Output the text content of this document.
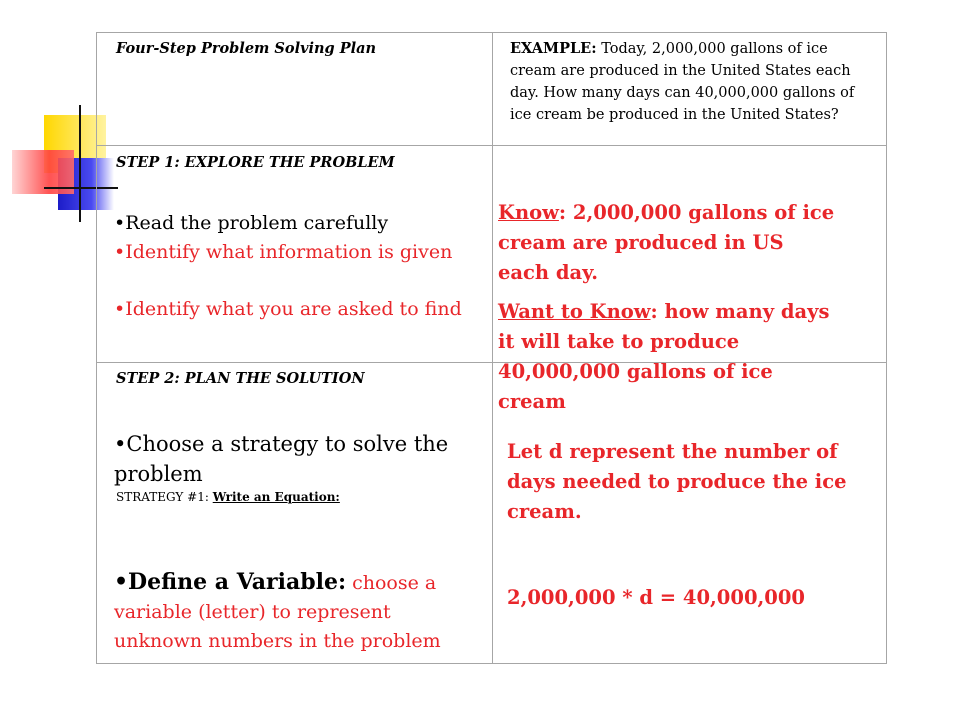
Four-Step Problem Solving Plan	EXAMPLE: Today, 2,000,000 gallons of ice cream are produced in the United States each day. How many days can 40,000,000 gallons of ice cream be produced in the United States?

STEP 1: EXPLORE THE PROBLEM

•Read the problem carefully

•Identify what information is given

•Identify what you are asked to find

Know: 2,000,000 gallons of ice cream are produced in US each day.

Want to Know: how many days it will take to produce 40,000,000 gallons of ice cream

STEP 2: PLAN THE SOLUTION

•Choose a strategy to solve the problem

STRATEGY #1: Write an Equation:

•Define a Variable: choose a variable (letter) to represent unknown numbers in the problem

Let d represent the number of days needed to produce the ice cream.

2,000,000 * d = 40,000,000
